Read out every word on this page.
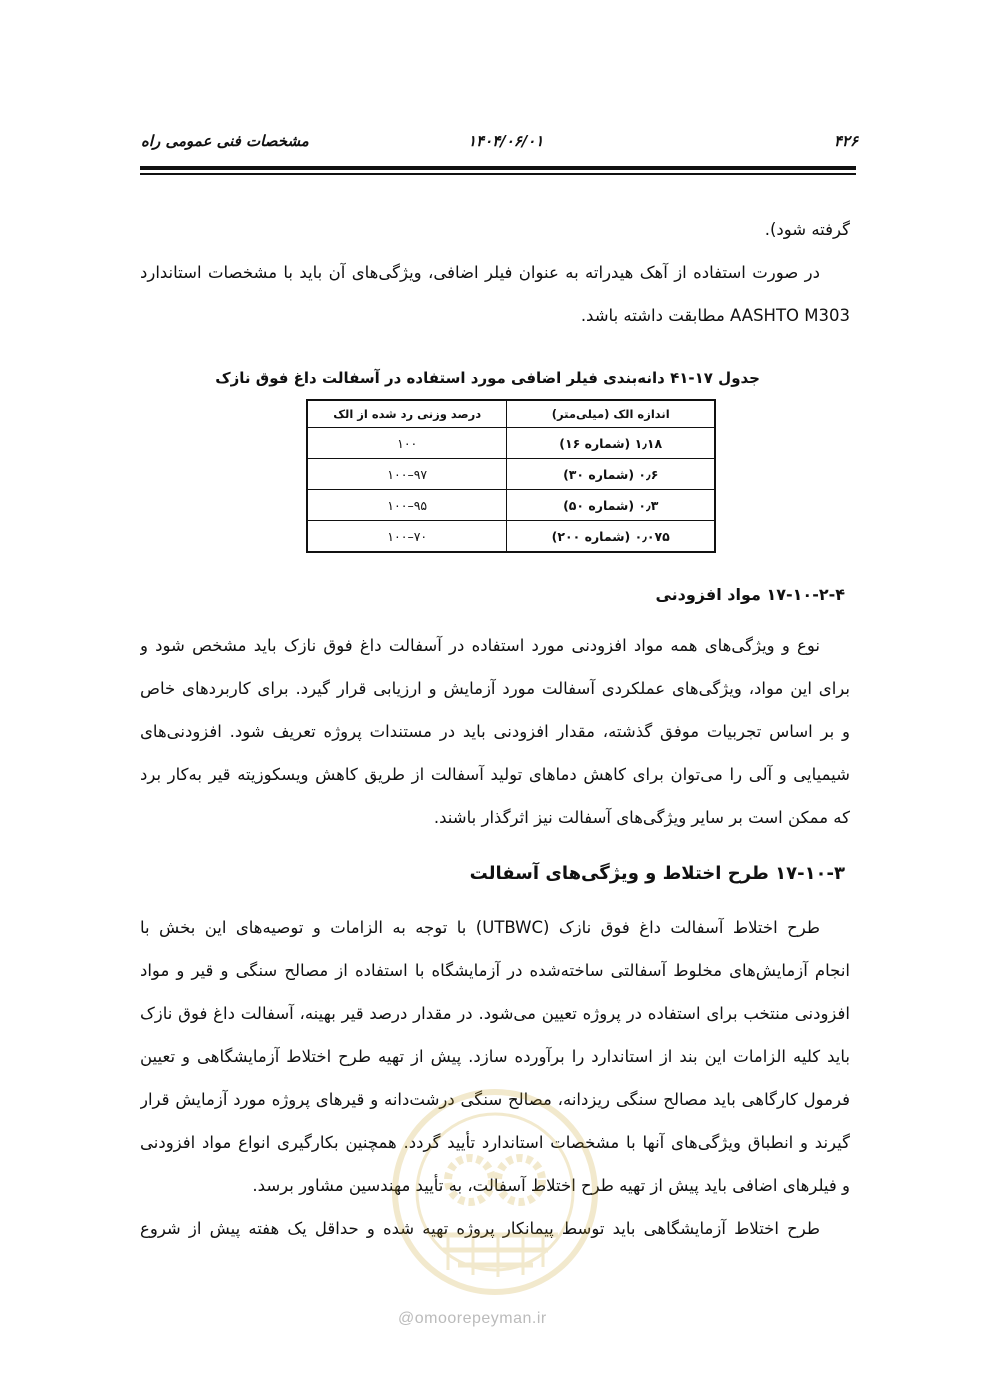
۴۲۶
۱۴۰۴/۰۶/۰۱
مشخصات فنی عمومی راه
گرفته شود).
در صورت استفاده از آهک هیدراته به عنوان فیلر اضافی، ویژگی‌های آن باید با مشخصات استاندارد
AASHTO M303 مطابقت داشته باشد.
جدول ۱۷-۴۱ دانه‌بندی فیلر اضافی مورد استفاده در آسفالت داغ فوق نازک
اندازه الک (میلی‌متر)	درصد وزنی رد شده از الک
۱٫۱۸ (شماره ۱۶)	۱۰۰
۰٫۶ (شماره ۳۰)	۹۷–۱۰۰
۰٫۳ (شماره ۵۰)	۹۵–۱۰۰
۰٫۰۷۵ (شماره ۲۰۰)	۷۰–۱۰۰
۱۷-۱۰-۲-۴ مواد افزودنی
نوع و ویژگی‌های همه مواد افزودنی مورد استفاده در آسفالت داغ فوق نازک باید مشخص شود و
برای این مواد، ویژگی‌های عملکردی آسفالت مورد آزمایش و ارزیابی قرار گیرد. برای کاربردهای خاص
و بر اساس تجربیات موفق گذشته، مقدار افزودنی باید در مستندات پروژه تعریف شود. افزودنی‌های
شیمیایی و آلی را می‌توان برای کاهش دماهای تولید آسفالت از طریق کاهش ویسکوزیته قیر به‌کار برد
که ممکن است بر سایر ویژگی‌های آسفالت نیز اثرگذار باشند.
۱۷-۱۰-۳ طرح اختلاط و ویژگی‌های آسفالت
طرح اختلاط آسفالت داغ فوق نازک (UTBWC) با توجه به الزامات و توصیه‌های این بخش با
انجام آزمایش‌های مخلوط آسفالتی ساخته‌شده در آزمایشگاه با استفاده از مصالح سنگی و قیر و مواد
افزودنی منتخب برای استفاده در پروژه تعیین می‌شود. در مقدار درصد قیر بهینه، آسفالت داغ فوق نازک
باید کلیه الزامات این بند از استاندارد را برآورده سازد. پیش از تهیه طرح اختلاط آزمایشگاهی و تعیین
فرمول کارگاهی باید مصالح سنگی ریزدانه، مصالح سنگی درشت‌دانه و قیرهای پروژه مورد آزمایش قرار
گیرند و انطباق ویژگی‌های آنها با مشخصات استاندارد تأیید گردد. همچنین بکارگیری انواع مواد افزودنی
و فیلرهای اضافی باید پیش از تهیه طرح اختلاط آسفالت، به تأیید مهندسین مشاور برسد.
طرح اختلاط آزمایشگاهی باید توسط پیمانکار پروژه تهیه شده و حداقل یک هفته پیش از شروع
@omoorepeyman.ir
